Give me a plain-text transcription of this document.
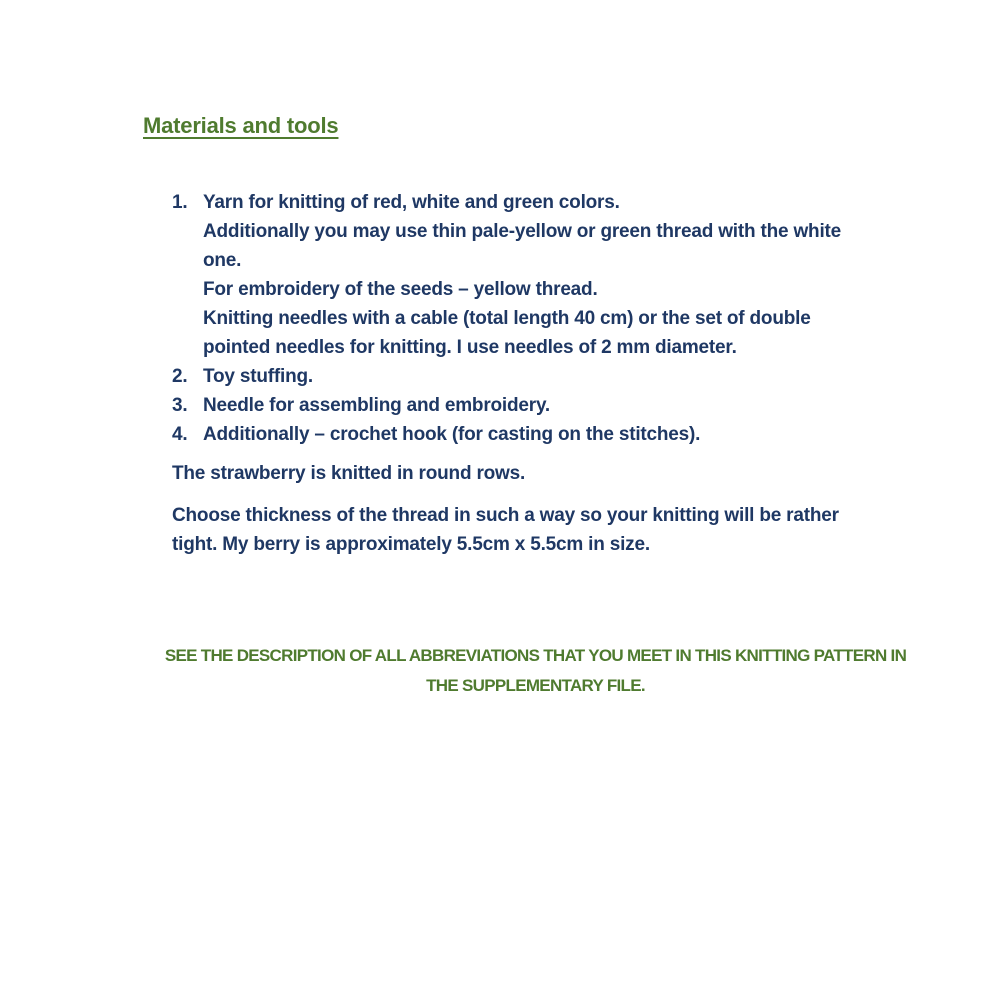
Materials and tools
1. Yarn for knitting of red, white and green colors.
Additionally you may use thin pale-yellow or green thread with the white
one.
For embroidery of the seeds – yellow thread.
Knitting needles with a cable (total length 40 cm) or the set of double
pointed needles for knitting. I use needles of 2 mm diameter.
2. Toy stuffing.
3. Needle for assembling and embroidery.
4. Additionally – crochet hook (for casting on the stitches).
The strawberry is knitted in round rows.
Choose thickness of the thread in such a way so your knitting will be rather
tight. My berry is approximately 5.5cm x 5.5cm in size.
SEE THE DESCRIPTION OF ALL ABBREVIATIONS THAT YOU MEET IN THIS KNITTING PATTERN IN
THE SUPPLEMENTARY FILE.
